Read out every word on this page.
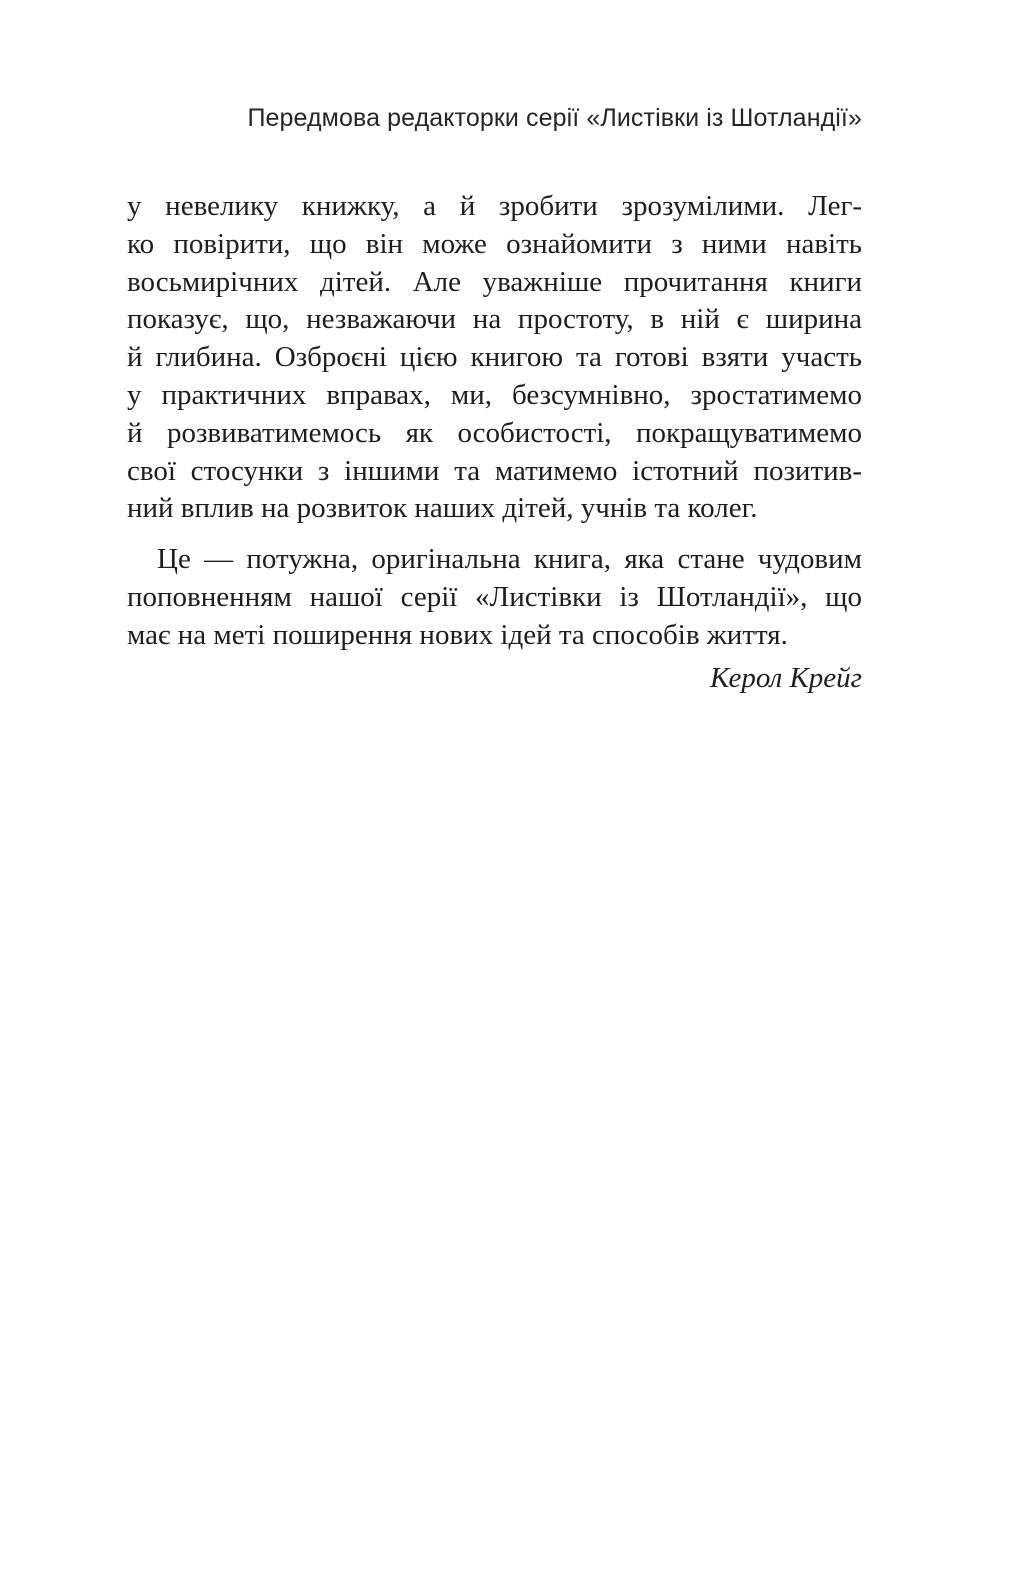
Передмова редакторки серії «Листівки із Шотландії»
у невелику книжку, а й зробити зрозумілими. Лег-
ко повірити, що він може ознайомити з ними навіть
восьмирічних дітей. Але уважніше прочитання книги
показує, що, незважаючи на простоту, в ній є ширина
й глибина. Озброєні цією книгою та готові взяти участь
у практичних вправах, ми, безсумнівно, зростатимемо
й розвиватимемось як особистості, покращуватимемо
свої стосунки з іншими та матимемо істотний позитив-
ний вплив на розвиток наших дітей, учнів та колег.
Це — потужна, оригінальна книга, яка стане чудовим
поповненням нашої серії «Листівки із Шотландії», що
має на меті поширення нових ідей та способів життя.
Керол Крейг
